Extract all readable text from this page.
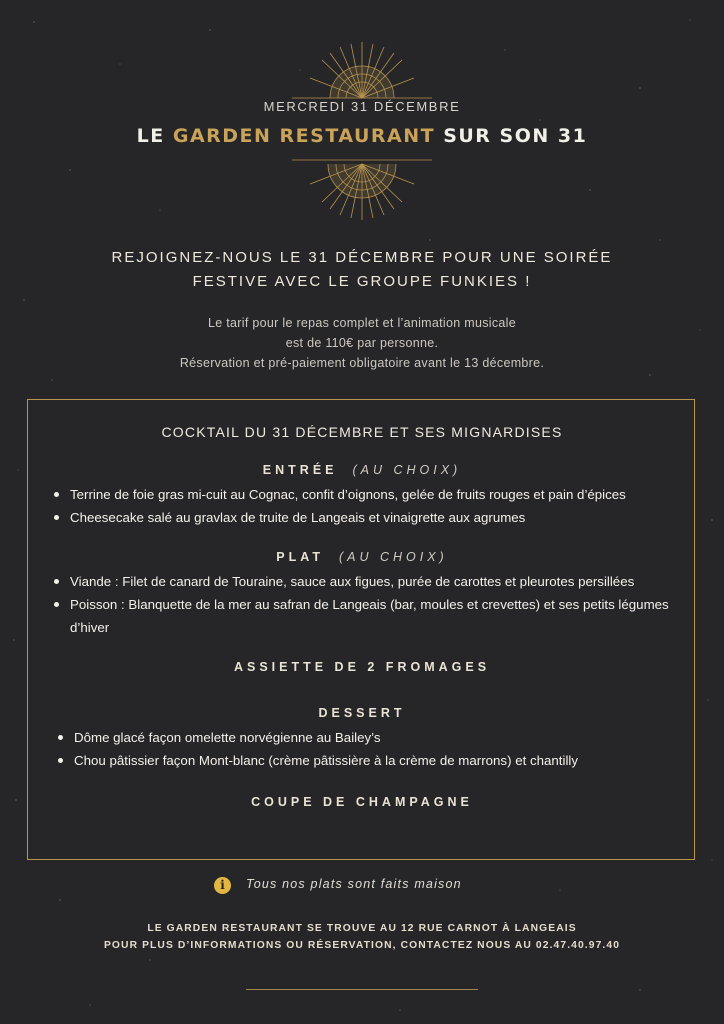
MERCREDI 31 DÉCEMBRE
LE GARDEN RESTAURANT SUR SON 31
REJOIGNEZ-NOUS LE 31 DÉCEMBRE POUR UNE SOIRÉE
FESTIVE AVEC LE GROUPE FUNKIES !
Le tarif pour le repas complet et l’animation musicale
est de 110€ par personne.
Réservation et pré-paiement obligatoire avant le 13 décembre.
COCKTAIL DU 31 DÉCEMBRE ET SES MIGNARDISES
ENTRÉE (AU CHOIX)
Terrine de foie gras mi-cuit au Cognac, confit d’oignons, gelée de fruits rouges et pain d’épices
Cheesecake salé au gravlax de truite de Langeais et vinaigrette aux agrumes
PLAT (AU CHOIX)
Viande : Filet de canard de Touraine, sauce aux figues, purée de carottes et pleurotes persillées
Poisson : Blanquette de la mer au safran de Langeais (bar, moules et crevettes) et ses petits légumes d’hiver
ASSIETTE DE 2 FROMAGES
DESSERT
Dôme glacé façon omelette norvégienne au Bailey’s
Chou pâtissier façon Mont-blanc (crème pâtissière à la crème de marrons) et chantilly
COUPE DE CHAMPAGNE
i	Tous nos plats sont faits maison
LE GARDEN RESTAURANT SE TROUVE AU 12 RUE CARNOT À LANGEAIS
POUR PLUS D’INFORMATIONS OU RÉSERVATION, CONTACTEZ NOUS AU 02.47.40.97.40
